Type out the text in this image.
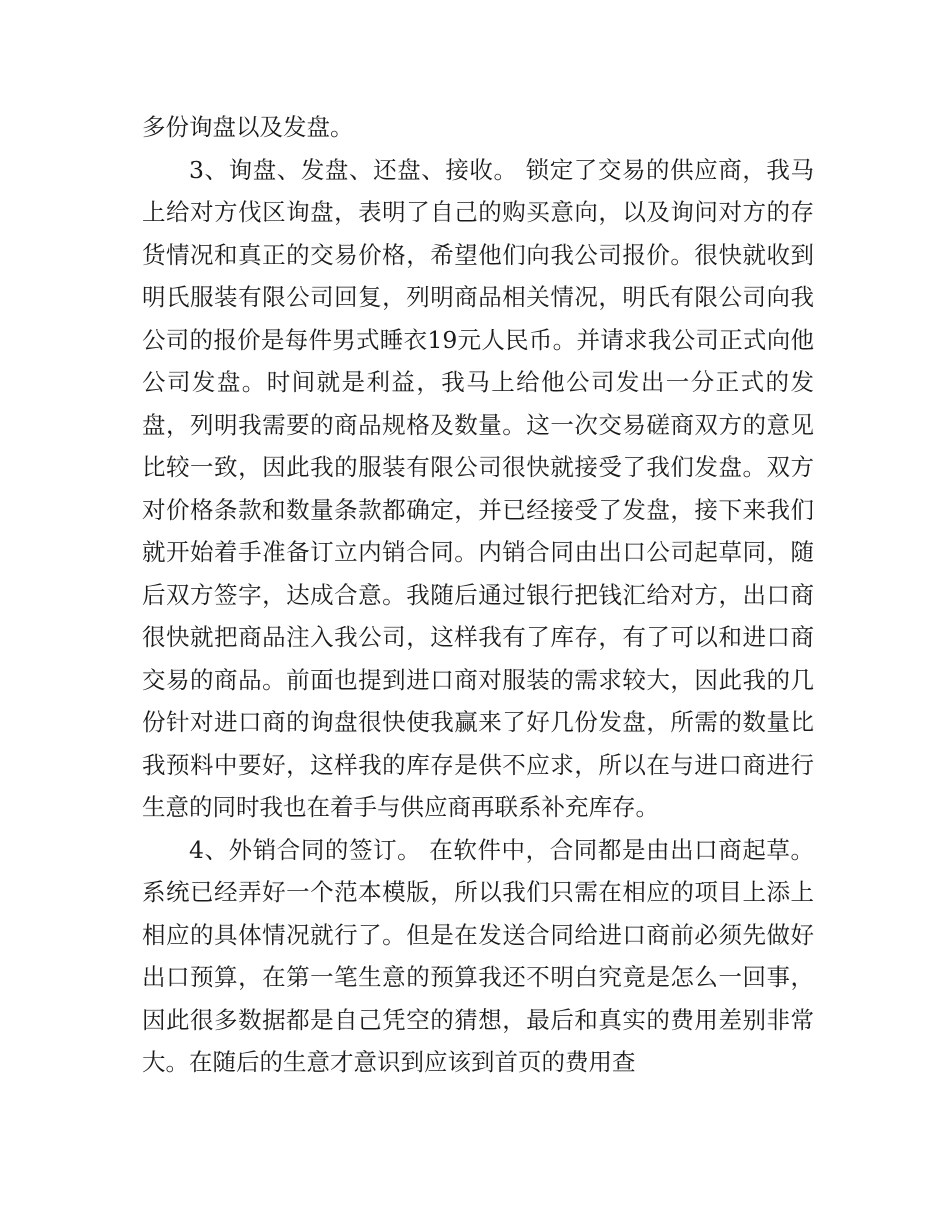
多份询盘以及发盘。

3、询盘、发盘、还盘、接收。 锁定了交易的供应商，我马上给对方伐区询盘，表明了自己的购买意向，以及询问对方的存货情况和真正的交易价格，希望他们向我公司报价。很快就收到明氏服装有限公司回复，列明商品相关情况，明氏有限公司向我公司的报价是每件男式睡衣19元人民币。并请求我公司正式向他公司发盘。时间就是利益，我马上给他公司发出一分正式的发盘，列明我需要的商品规格及数量。这一次交易磋商双方的意见比较一致，因此我的服装有限公司很快就接受了我们发盘。双方对价格条款和数量条款都确定，并已经接受了发盘，接下来我们就开始着手准备订立内销合同。内销合同由出口公司起草同，随后双方签字，达成合意。我随后通过银行把钱汇给对方，出口商很快就把商品注入我公司，这样我有了库存，有了可以和进口商交易的商品。前面也提到进口商对服装的需求较大，因此我的几份针对进口商的询盘很快使我赢来了好几份发盘，所需的数量比我预料中要好，这样我的库存是供不应求，所以在与进口商进行生意的同时我也在着手与供应商再联系补充库存。

4、外销合同的签订。 在软件中，合同都是由出口商起草。系统已经弄好一个范本模版，所以我们只需在相应的项目上添上相应的具体情况就行了。但是在发送合同给进口商前必须先做好出口预算，在第一笔生意的预算我还不明白究竟是怎么一回事，因此很多数据都是自己凭空的猜想，最后和真实的费用差别非常大。在随后的生意才意识到应该到首页的费用查
